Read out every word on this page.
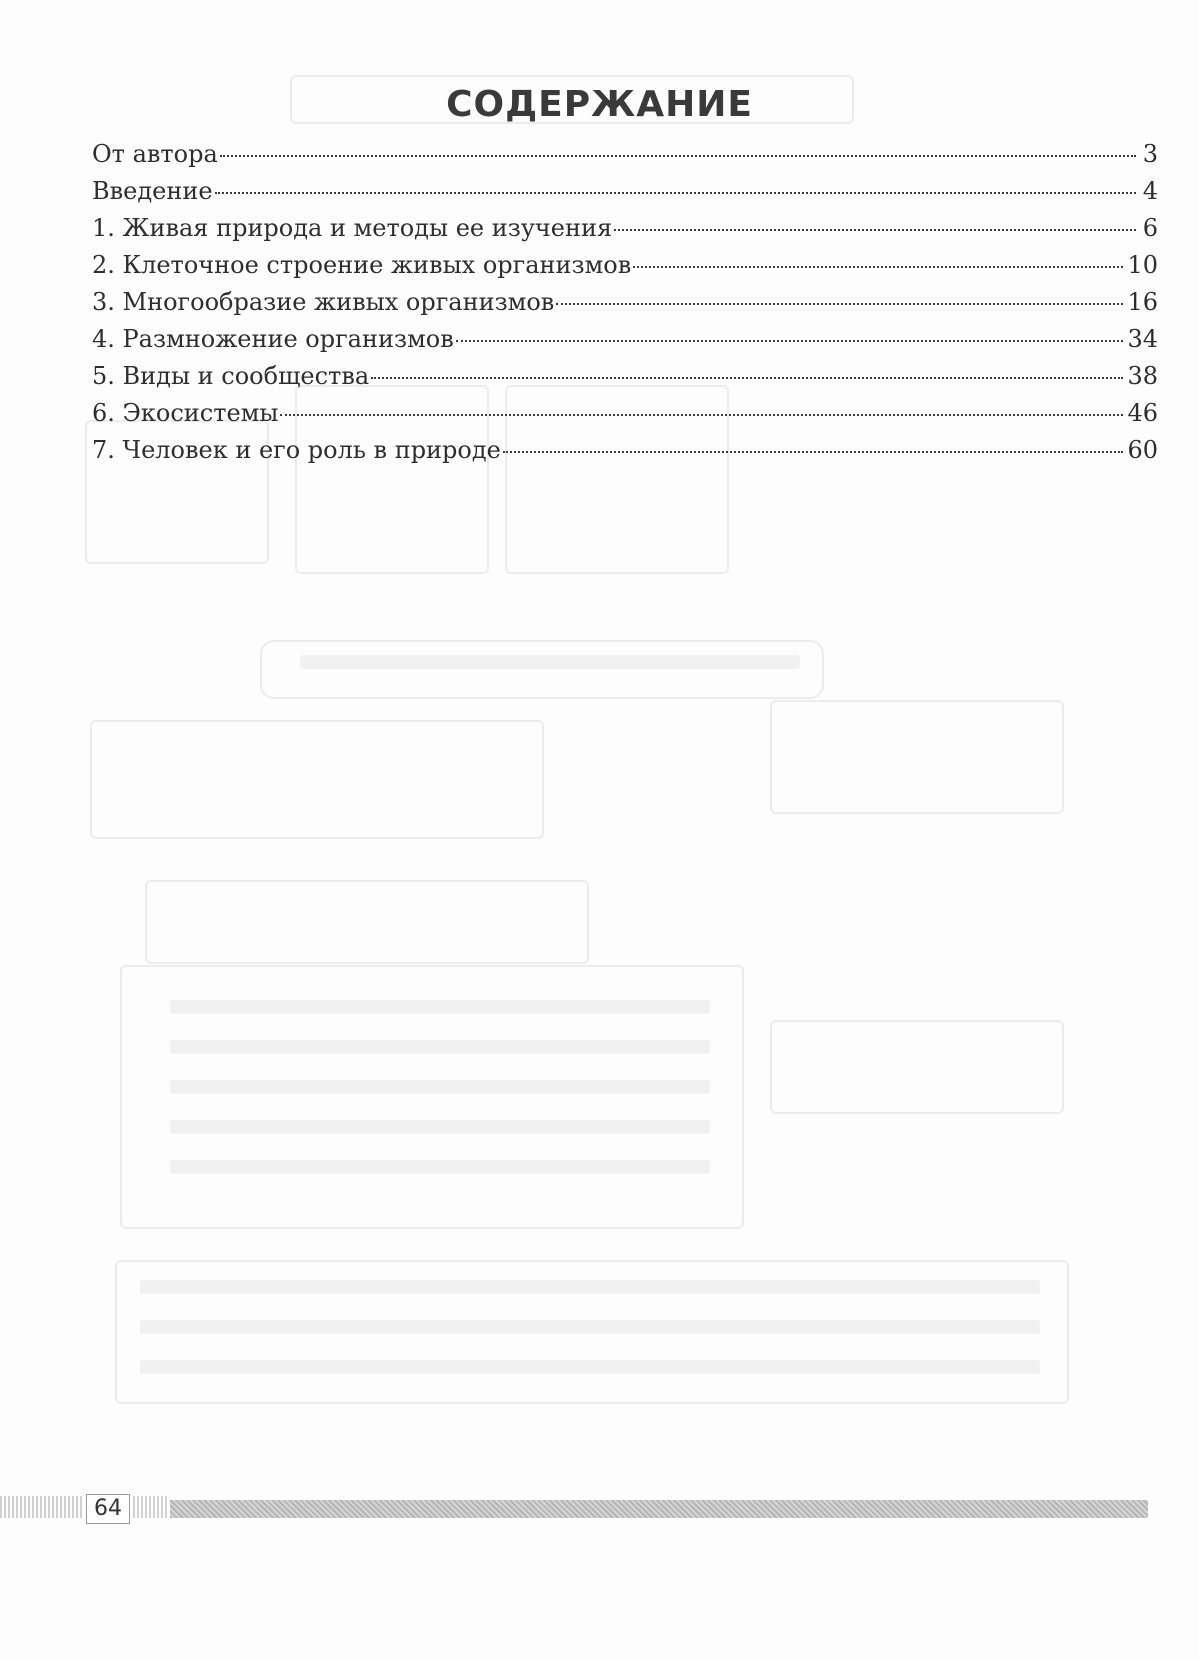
СОДЕРЖАНИЕ
От автора	3
Введение	4
1. Живая природа и методы ее изучения	6
2. Клеточное строение живых организмов	10
3. Многообразие живых организмов	16
4. Размножение организмов	34
5. Виды и сообщества	38
6. Экосистемы	46
7. Человек и его роль в природе	60
64
